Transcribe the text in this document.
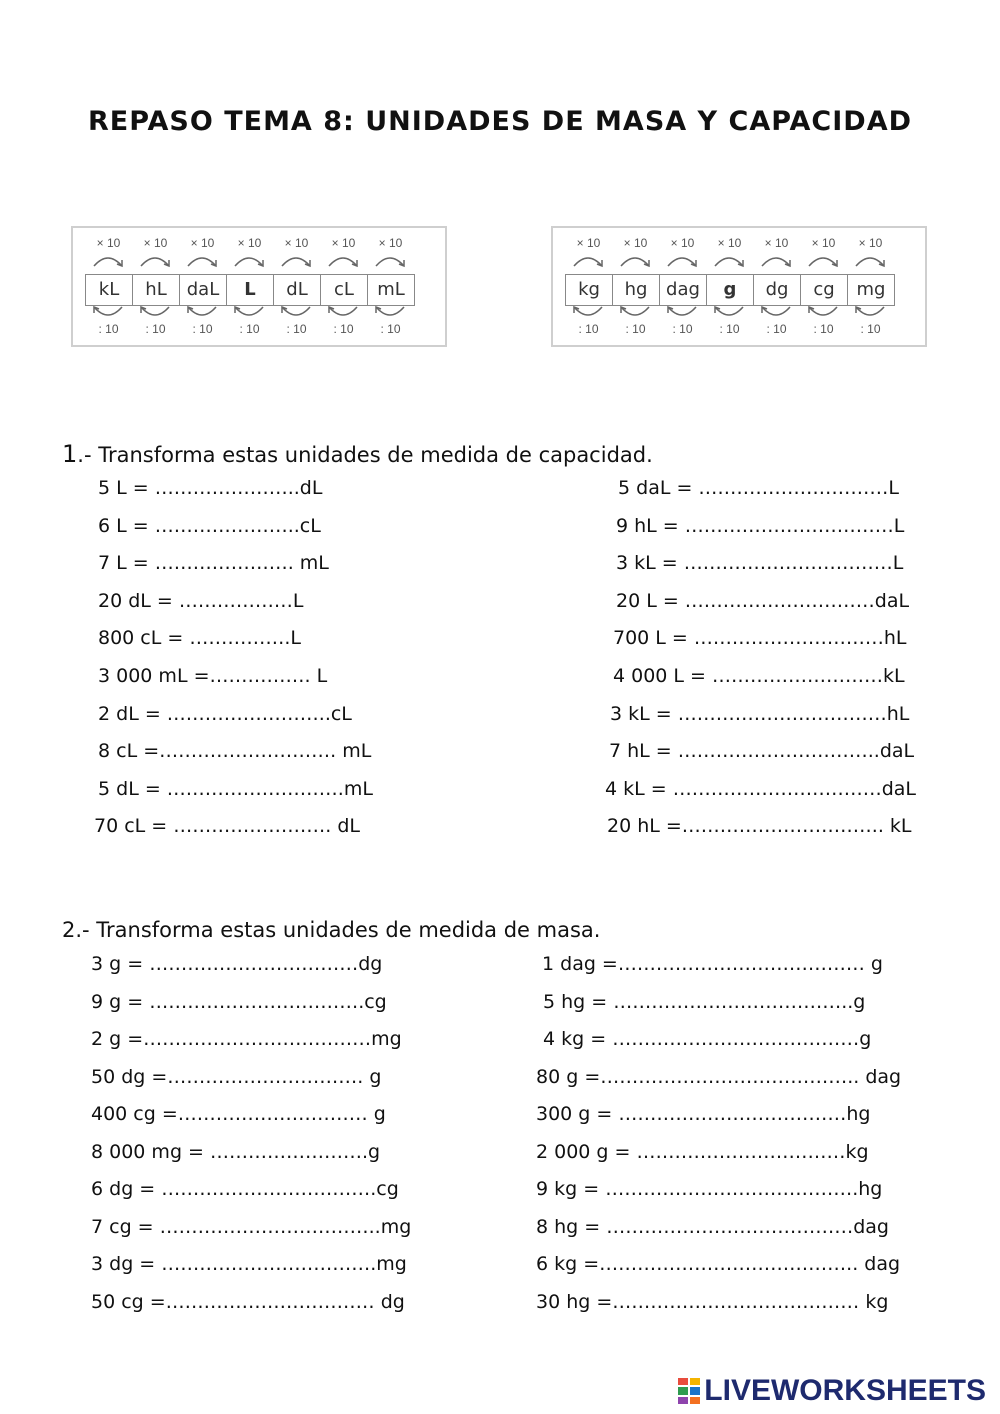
REPASO TEMA 8: UNIDADES DE MASA Y CAPACIDAD
× 10	× 10	× 10	× 10	× 10	× 10	× 10
kL	hL	daL	L	dL	cL	mL
: 10	: 10	: 10	: 10	: 10	: 10	: 10
× 10	× 10	× 10	× 10	× 10	× 10	× 10
kg	hg	dag	g	dg	cg	mg
: 10	: 10	: 10	: 10	: 10	: 10	: 10
1.- Transforma estas unidades de medida de capacidad.
5 L = …………………..dL
6 L = …………………..cL
7 L = …………………. mL
20 dL = ………………L
800 cL = …………….L
3 000 mL =……………. L
2 dL = ……………………..cL
8 cL =………………………. mL
5 dL = ……………………….mL
70 cL = ……………………. dL
5 daL = …………………………L
9 hL = ……………………………L
3 kL = ……………………………L
20 L = …………………………daL
700 L = …………………………hL
4 000 L = ………………………kL
3 kL = ……………………………hL
7 hL = …………………………..daL
4 kL = ……………………………daL
20 hL =………………………….. kL
2.- Transforma estas unidades de medida de masa.
3 g = ……………………………dg
9 g = …………………………….cg
2 g =………………………………mg
50 dg =…………………………. g
400 cg =………………………… g
8 000 mg = …………………….g
6 dg = …………………………….cg
7 cg = ……………………………..mg
3 dg = …………………………….mg
50 cg =…………………………… dg
1 dag =………………………………… g
5 hg = ………………………………..g
4 kg = …………………………………g
80 g =………………………………….. dag
300 g = ………………………………hg
2 000 g = ……………………………kg
9 kg = ………………………………….hg
8 hg = …………………………………dag
6 kg =………………………………….. dag
30 hg =………………………………… kg
LIVEWORKSHEETS
